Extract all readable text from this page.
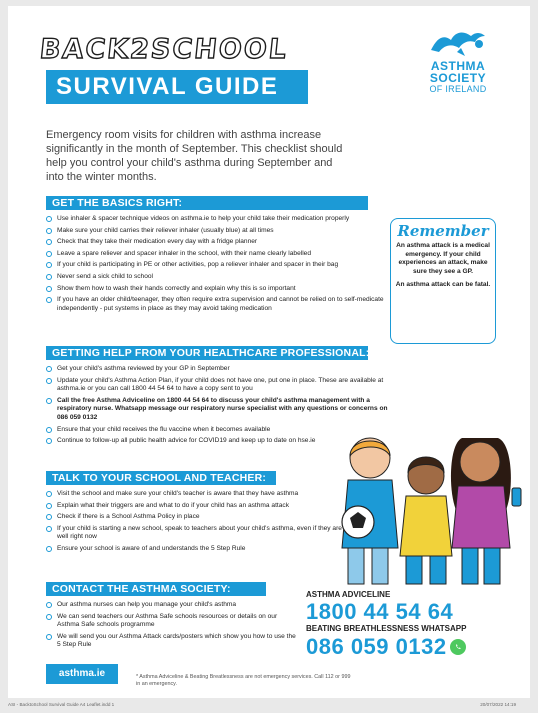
BACK2SCHOOL
SURVIVAL GUIDE
ASTHMA
SOCIETY
OF IRELAND

Emergency room visits for children with asthma increase significantly in the month of September. This checklist should help you control your child's asthma during September and into the winter months.

GET THE BASICS RIGHT:
Use inhaler & spacer technique videos on asthma.ie to help your child take their medication properly
Make sure your child carries their reliever inhaler (usually blue) at all times
Check that they take their medication every day with a fridge planner
Leave a spare reliever and spacer inhaler in the school, with their name clearly labelled
If your child is participating in PE or other activities, pop a reliever inhaler and spacer in their bag
Never send a sick child to school
Show them how to wash their hands correctly and explain why this is so important
If you have an older child/teenager, they often require extra supervision and cannot be relied on to self-medicate independently - put systems in place as they may avoid taking medication
Remember

An asthma attack is a medical emergency. If your child experiences an attack, make sure they see a GP.

An asthma attack can be fatal.

GETTING HELP FROM YOUR HEALTHCARE PROFESSIONAL:
Get your child's asthma reviewed by your GP in September
Update your child's Asthma Action Plan, if your child does not have one, put one in place. These are available at asthma.ie or you can call 1800 44 54 64 to have a copy sent to you
Call the free Asthma Adviceline on 1800 44 54 64 to discuss your child's asthma management with a respiratory nurse. Whatsapp message our respiratory nurse specialist with any questions or concerns on 086 059 0132
Ensure that your child receives the flu vaccine when it becomes available
Continue to follow-up all public health advice for COVID19 and keep up to date on hse.ie
TALK TO YOUR SCHOOL AND TEACHER:
Visit the school and make sure your child's teacher is aware that they have asthma
Explain what their triggers are and what to do if your child has an asthma attack
Check if there is a School Asthma Policy in place
If your child is starting a new school, speak to teachers about your child's asthma, even if they are well right now
Ensure your school is aware of and understands the 5 Step Rule
CONTACT THE ASTHMA SOCIETY:
Our asthma nurses can help you manage your child's asthma
We can send teachers our Asthma Safe schools resources or details on our Asthma Safe schools programme
We will send you our Asthma Attack cards/posters which show you how to use the 5 Step Rule
ASTHMA ADVICELINE
1800 44 54 64
BEATING BREATHLESSNESS WHATSAPP
086 059 0132
asthma.ie	* Asthma Adviceline & Beating Breatlessness are not emergency services. Call 112 or 999 in an emergency.

ASI - BacktoSchool Survival Guide A4 Leaflet.indd 1	20/07/2022 14:19
